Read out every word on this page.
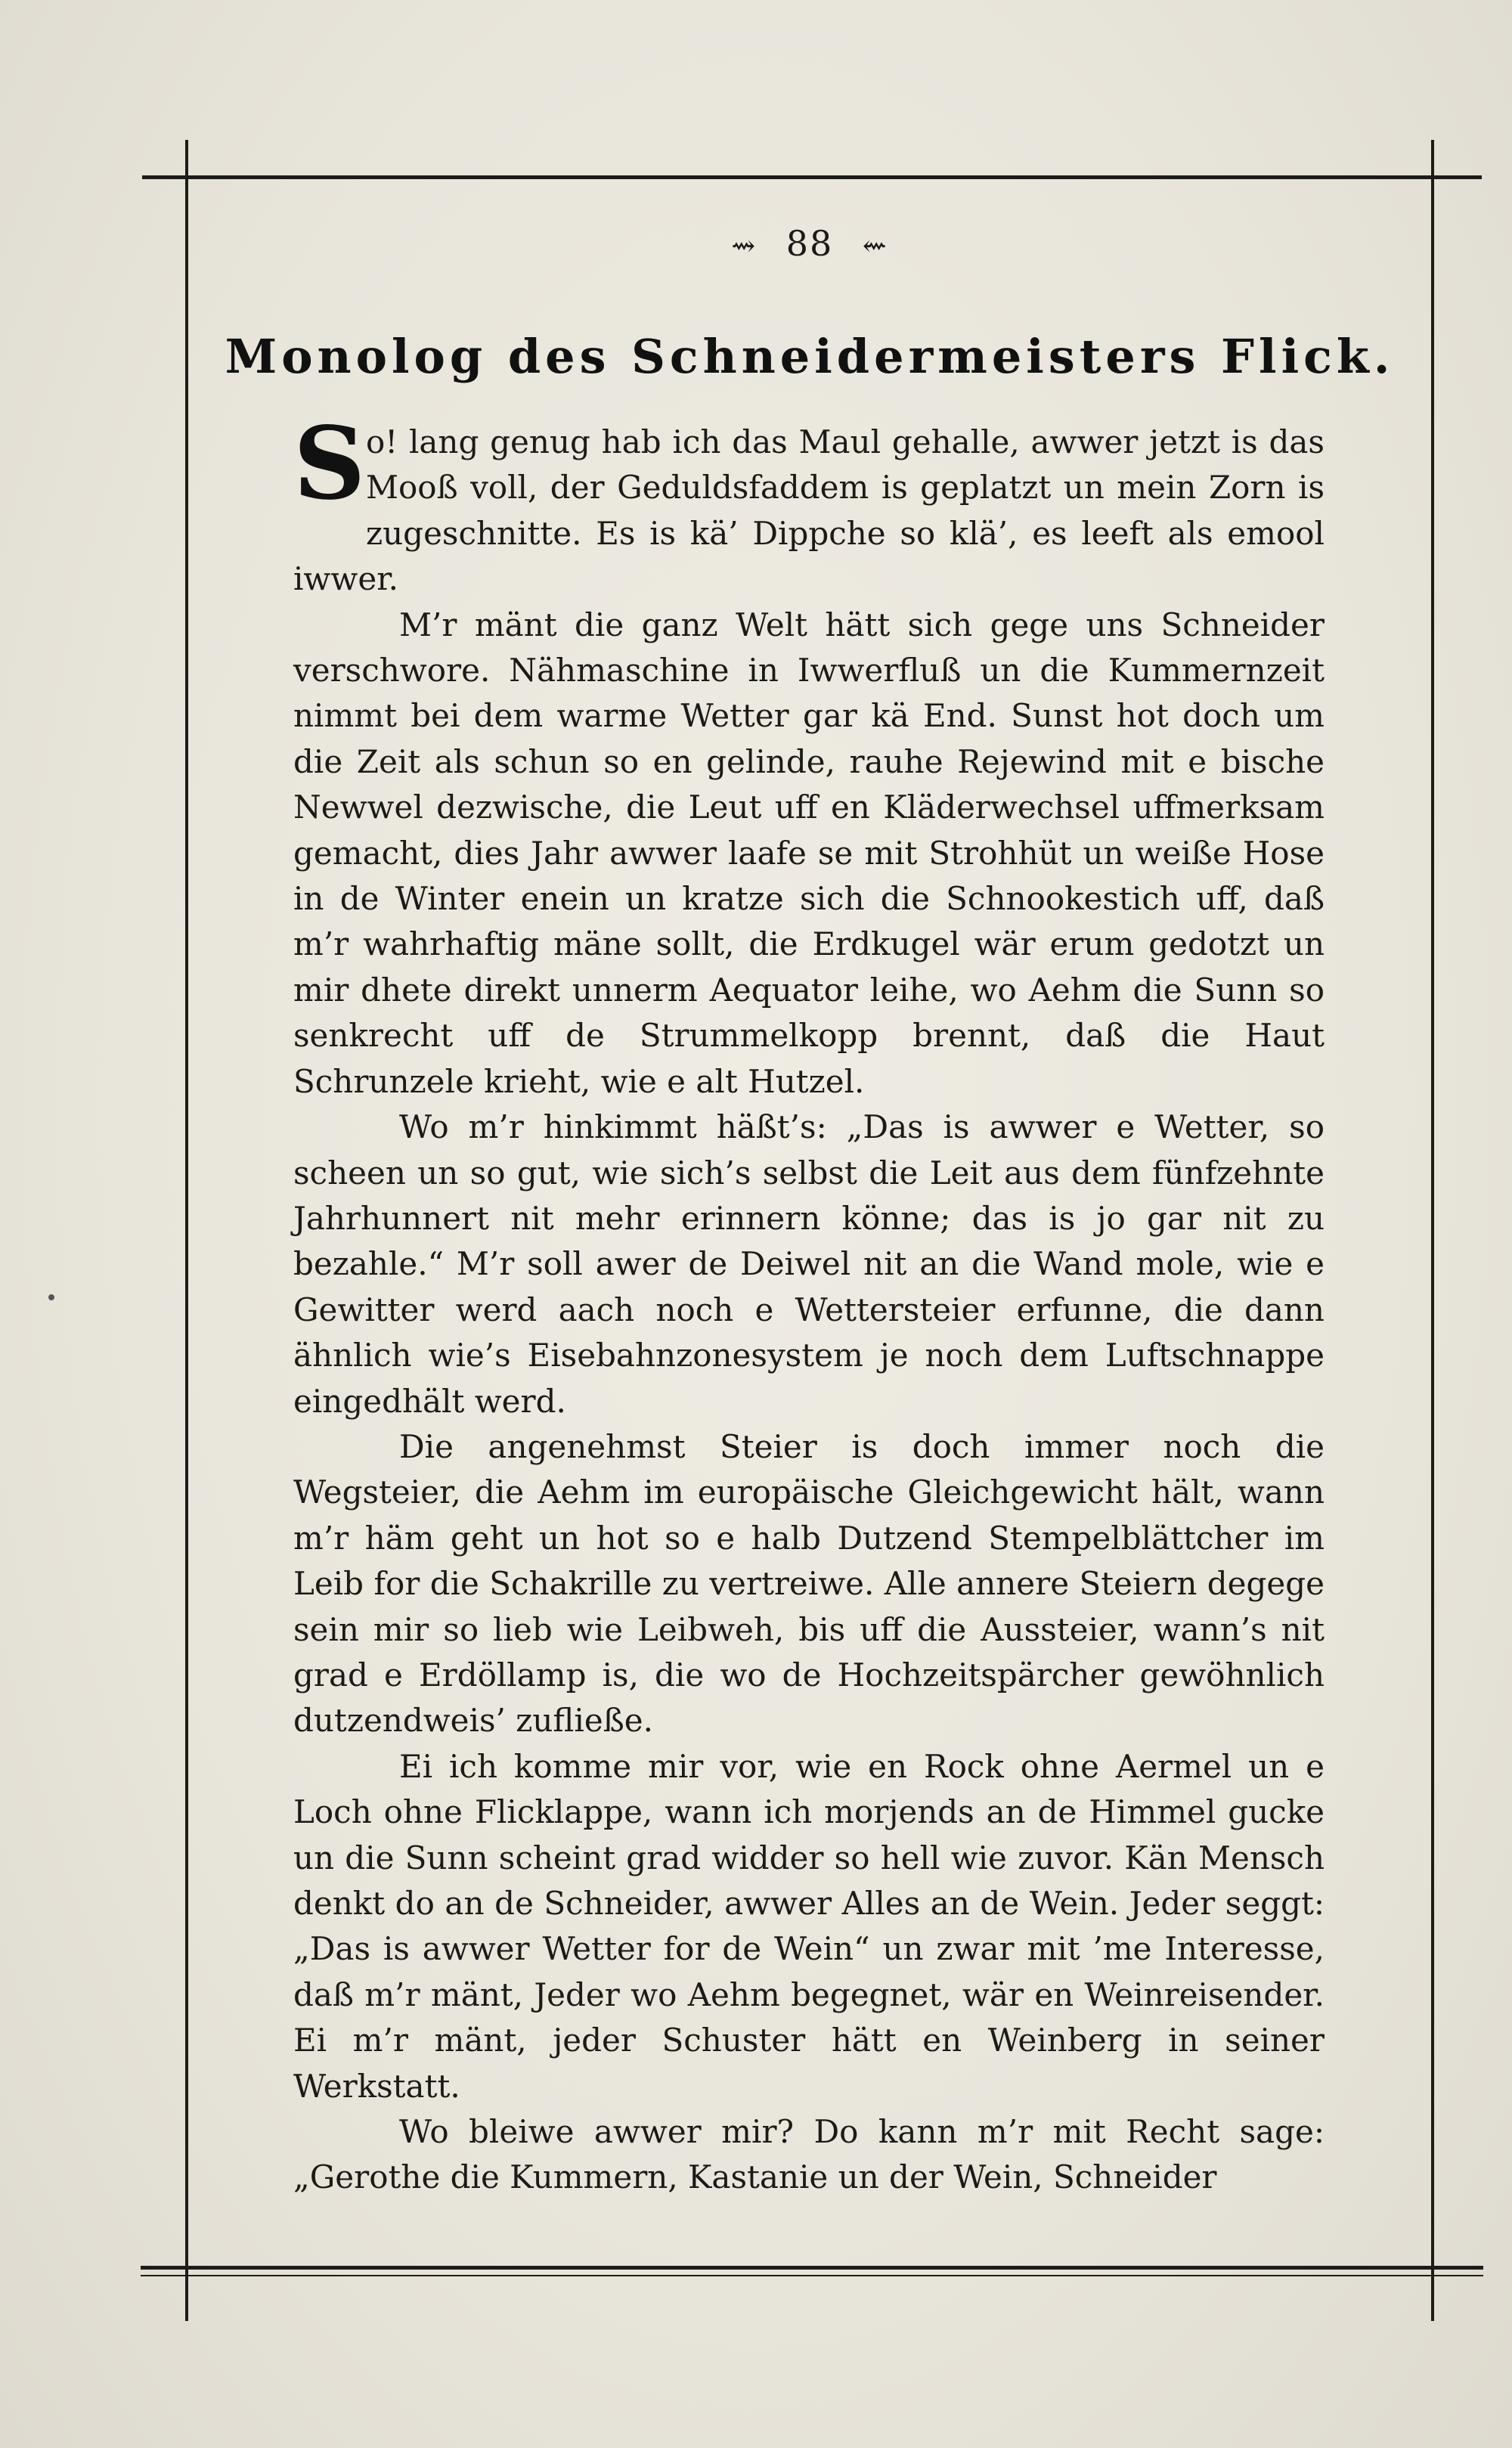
⇝ 88 ⇜
Monolog des Schneidermeisters Flick.

So! lang genug hab ich das Maul gehalle, awwer jetzt is das Mooß voll, der Geduldsfaddem is geplatzt un mein Zorn is zugeschnitte. Es is kä’ Dippche so klä’, es leeft als emool iwwer.

M’r mänt die ganz Welt hätt sich gege uns Schneider verschwore. Nähmaschine in Iwwerfluß un die Kummernzeit nimmt bei dem warme Wetter gar kä End. Sunst hot doch um die Zeit als schun so en gelinde, rauhe Rejewind mit e bische Newwel dezwische, die Leut uff en Kläderwechsel uffmerksam gemacht, dies Jahr awwer laafe se mit Strohhüt un weiße Hose in de Winter enein un kratze sich die Schnookestich uff, daß m’r wahrhaftig mäne sollt, die Erdkugel wär erum gedotzt un mir dhete direkt unnerm Aequator leihe, wo Aehm die Sunn so senkrecht uff de Strummelkopp brennt, daß die Haut Schrunzele krieht, wie e alt Hutzel.

Wo m’r hinkimmt häßt’s: „Das is awwer e Wetter, so scheen un so gut, wie sich’s selbst die Leit aus dem fünfzehnte Jahrhunnert nit mehr erinnern könne; das is jo gar nit zu bezahle.“ M’r soll awer de Deiwel nit an die Wand mole, wie e Gewitter werd aach noch e Wettersteier erfunne, die dann ähnlich wie’s Eisebahnzonesystem je noch dem Luftschnappe eingedhält werd.

Die angenehmst Steier is doch immer noch die Wegsteier, die Aehm im europäische Gleichgewicht hält, wann m’r häm geht un hot so e halb Dutzend Stempelblättcher im Leib for die Schakrille zu vertreiwe. Alle annere Steiern degege sein mir so lieb wie Leibweh, bis uff die Aussteier, wann’s nit grad e Erdöllamp is, die wo de Hochzeitspärcher gewöhnlich dutzendweis’ zufließe.

Ei ich komme mir vor, wie en Rock ohne Aermel un e Loch ohne Flicklappe, wann ich morjends an de Himmel gucke un die Sunn scheint grad widder so hell wie zuvor. Kän Mensch denkt do an de Schneider, awwer Alles an de Wein. Jeder seggt: „Das is awwer Wetter for de Wein“ un zwar mit ’me Interesse, daß m’r mänt, Jeder wo Aehm begegnet, wär en Weinreisender. Ei m’r mänt, jeder Schuster hätt en Weinberg in seiner Werkstatt.

Wo bleiwe awwer mir? Do kann m’r mit Recht sage: „Gerothe die Kummern, Kastanie un der Wein, Schneider
